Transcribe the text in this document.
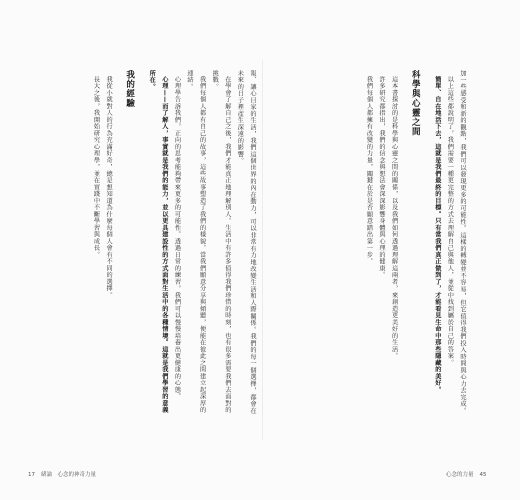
報、讓心目家的生活，我們這個世界的內在動力，可以非常有力地改變生活和人際關係。我們的每一個選擇，都會在未來的日子裡產生深遠的影響。

在學會了解自己之後，我們才能真正地理解別人。生活中有許多值得我們珍惜的時刻，也有很多需要我們去面對的挑戰。

我們每個人都有自己的故事，這些故事塑造了我們的樣貌。當我們願意分享與傾聽，便能在彼此之間建立起深厚的連結。

心理學告訴我們，正向的思考能夠帶來更多的可能性。透過日常的練習，我們可以慢慢培養出更健康的心態。

心理——而了解人，事實就是我們的能力，並以更具建設性的方式面對生活中的各種情境。這就是我們學習的意義所在。

我的經驗

我從小就對人的行為充滿好奇，總是想知道為什麼每個人會有不同的選擇。

長大之後，我開始研究心理學，並在實踐中不斷學習與成長。	加一些感受和新的觀點，我們可以發現更多的可能性。這樣的轉變並不容易，但它值得我們投入時間與心力去完成。

以上這些都說明了，我們需要一種更完整的方式去理解自己與他人，並從中找到屬於自己的答案。

簡單、自在地活下去，這就是我們最終的目標。只有當我們真正做到了，才能看見生命中那些隱藏的美好。

科學與心靈之間

這本書探討的是科學與心靈之間的關係，以及我們如何透過理解這兩者，來創造更美好的生活。

許多研究都指出，我們的信念與想法會深深影響身體與心理的健康。

我們每個人都擁有改變的力量，關鍵在於是否願意踏出第一步。

17 緒論　心念的神奇力量	心念的力量 45
